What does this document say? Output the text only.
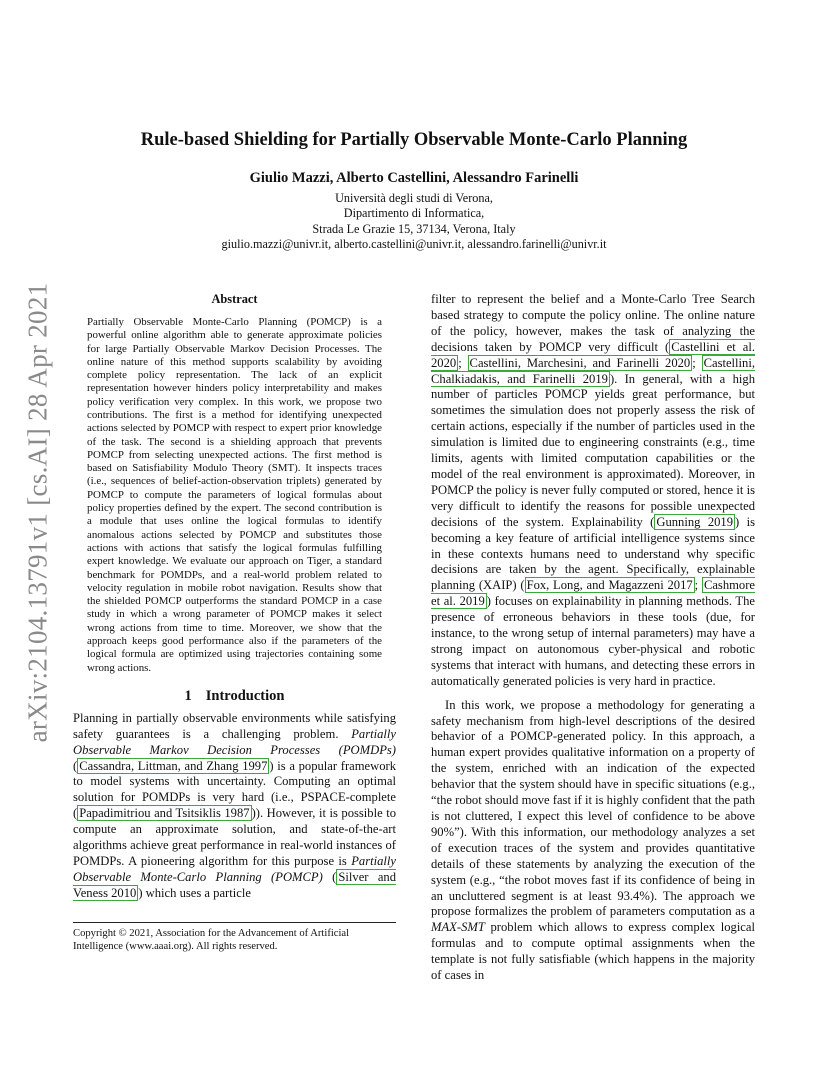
arXiv:2104.13791v1 [cs.AI] 28 Apr 2021
Rule-based Shielding for Partially Observable Monte-Carlo Planning
Giulio Mazzi, Alberto Castellini, Alessandro Farinelli
Università degli studi di Verona,
Dipartimento di Informatica,
Strada Le Grazie 15, 37134, Verona, Italy
giulio.mazzi@univr.it, alberto.castellini@univr.it, alessandro.farinelli@univr.it
Abstract

Partially Observable Monte-Carlo Planning (POMCP) is a powerful online algorithm able to generate approximate policies for large Partially Observable Markov Decision Processes. The online nature of this method supports scalability by avoiding complete policy representation. The lack of an explicit representation however hinders policy interpretability and makes policy verification very complex. In this work, we propose two contributions. The first is a method for identifying unexpected actions selected by POMCP with respect to expert prior knowledge of the task. The second is a shielding approach that prevents POMCP from selecting unexpected actions. The first method is based on Satisfiability Modulo Theory (SMT). It inspects traces (i.e., sequences of belief-action-observation triplets) generated by POMCP to compute the parameters of logical formulas about policy properties defined by the expert. The second contribution is a module that uses online the logical formulas to identify anomalous actions selected by POMCP and substitutes those actions with actions that satisfy the logical formulas fulfilling expert knowledge. We evaluate our approach on Tiger, a standard benchmark for POMDPs, and a real-world problem related to velocity regulation in mobile robot navigation. Results show that the shielded POMCP outperforms the standard POMCP in a case study in which a wrong parameter of POMCP makes it select wrong actions from time to time. Moreover, we show that the approach keeps good performance also if the parameters of the logical formula are optimized using trajectories containing some wrong actions.

1 Introduction

Planning in partially observable environments while satisfying safety guarantees is a challenging problem. Partially Observable Markov Decision Processes (POMDPs) ( Cassandra, Littman, and Zhang 1997 ) is a popular framework to model systems with uncertainty. Computing an optimal solution for POMDPs is very hard (i.e., PSPACE-complete ( Papadimitriou and Tsitsiklis 1987 )). However, it is possible to compute an approximate solution, and state-of-the-art algorithms achieve great performance in real-world instances of POMDPs. A pioneering algorithm for this purpose is Partially Observable Monte-Carlo Planning (POMCP) ( Silver and Veness 2010 ) which uses a particle

Copyright © 2021, Association for the Advancement of Artificial Intelligence (www.aaai.org). All rights reserved.

filter to represent the belief and a Monte-Carlo Tree Search based strategy to compute the policy online. The online nature of the policy, however, makes the task of analyzing the decisions taken by POMCP very difficult ( Castellini et al. 2020 ; Castellini, Marchesini, and Farinelli 2020 ; Castellini, Chalkiadakis, and Farinelli 2019 ). In general, with a high number of particles POMCP yields great performance, but sometimes the simulation does not properly assess the risk of certain actions, especially if the number of particles used in the simulation is limited due to engineering constraints (e.g., time limits, agents with limited computation capabilities or the model of the real environment is approximated). Moreover, in POMCP the policy is never fully computed or stored, hence it is very difficult to identify the reasons for possible unexpected decisions of the system. Explainability ( Gunning 2019 ) is becoming a key feature of artificial intelligence systems since in these contexts humans need to understand why specific decisions are taken by the agent. Specifically, explainable planning (XAIP) ( Fox, Long, and Magazzeni 2017 ; Cashmore et al. 2019 ) focuses on explainability in planning methods. The presence of erroneous behaviors in these tools (due, for instance, to the wrong setup of internal parameters) may have a strong impact on autonomous cyber-physical and robotic systems that interact with humans, and detecting these errors in automatically generated policies is very hard in practice.

In this work, we propose a methodology for generating a safety mechanism from high-level descriptions of the desired behavior of a POMCP-generated policy. In this approach, a human expert provides qualitative information on a property of the system, enriched with an indication of the expected behavior that the system should have in specific situations (e.g., “the robot should move fast if it is highly confident that the path is not cluttered, I expect this level of confidence to be above 90%”). With this information, our methodology analyzes a set of execution traces of the system and provides quantitative details of these statements by analyzing the execution of the system (e.g., “the robot moves fast if its confidence of being in an uncluttered segment is at least 93.4%). The approach we propose formalizes the problem of parameters computation as a MAX-SMT problem which allows to express complex logical formulas and to compute optimal assignments when the template is not fully satisfiable (which happens in the majority of cases in
